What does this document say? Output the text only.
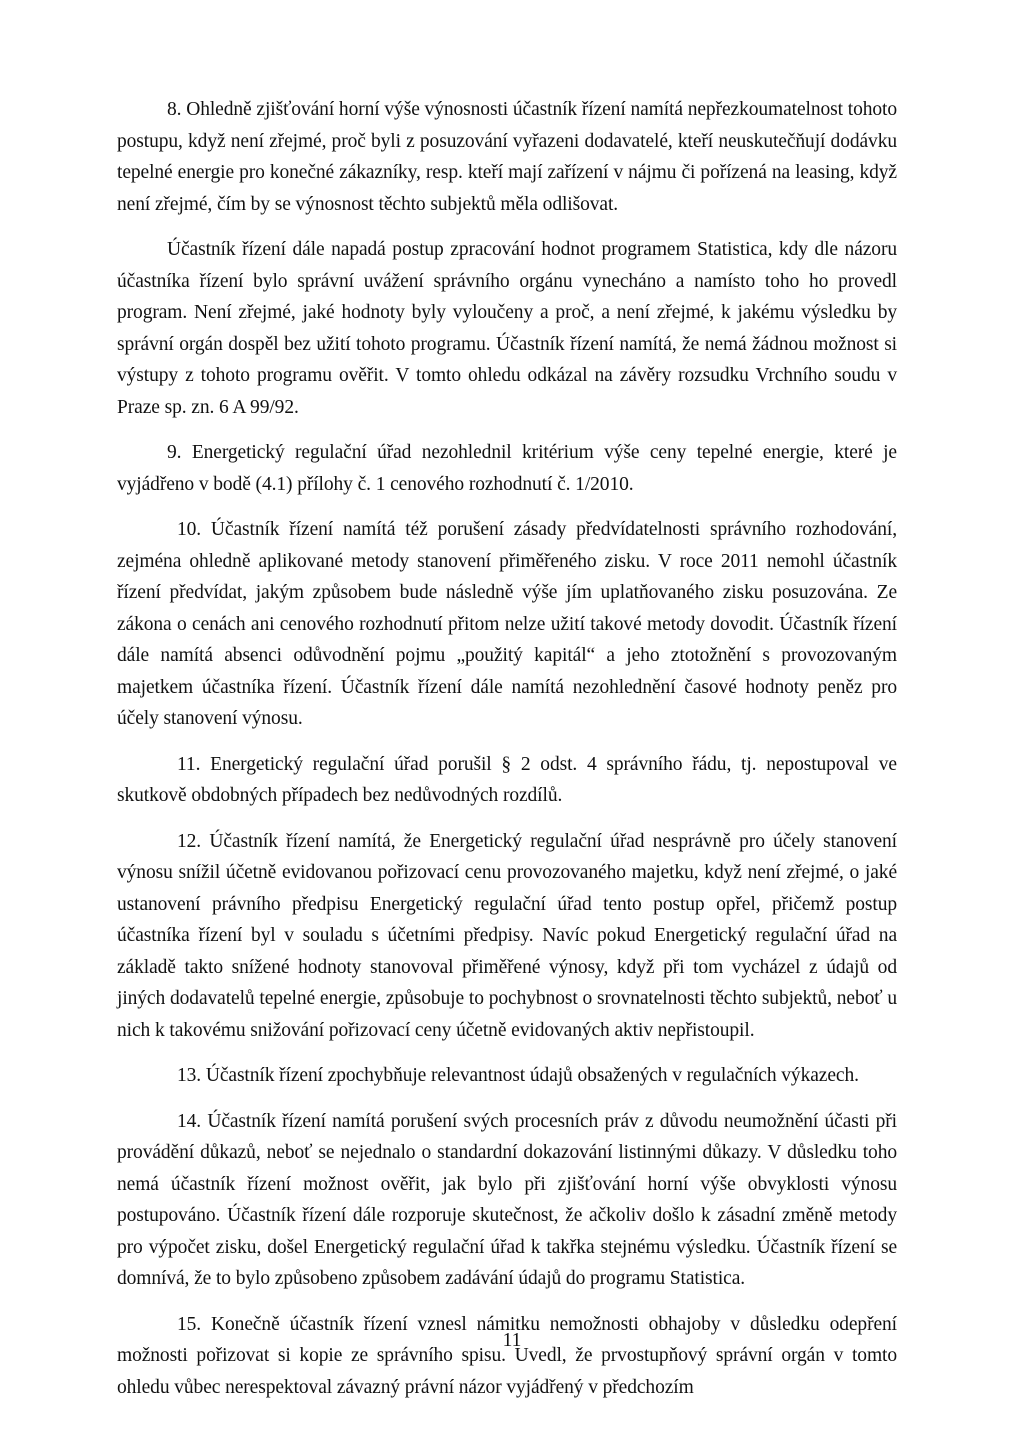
8. Ohledně zjišťování horní výše výnosnosti účastník řízení namítá nepřezkoumatelnost tohoto postupu, když není zřejmé, proč byli z posuzování vyřazeni dodavatelé, kteří neuskutečňují dodávku tepelné energie pro konečné zákazníky, resp. kteří mají zařízení v nájmu či pořízená na leasing, když není zřejmé, čím by se výnosnost těchto subjektů měla odlišovat.

Účastník řízení dále napadá postup zpracování hodnot programem Statistica, kdy dle názoru účastníka řízení bylo správní uvážení správního orgánu vynecháno a namísto toho ho provedl program. Není zřejmé, jaké hodnoty byly vyloučeny a proč, a není zřejmé, k jakému výsledku by správní orgán dospěl bez užití tohoto programu. Účastník řízení namítá, že nemá žádnou možnost si výstupy z tohoto programu ověřit. V tomto ohledu odkázal na závěry rozsudku Vrchního soudu v Praze sp. zn. 6 A 99/92.

9. Energetický regulační úřad nezohlednil kritérium výše ceny tepelné energie, které je vyjádřeno v bodě (4.1) přílohy č. 1 cenového rozhodnutí č. 1/2010.

10. Účastník řízení namítá též porušení zásady předvídatelnosti správního rozhodování, zejména ohledně aplikované metody stanovení přiměřeného zisku. V roce 2011 nemohl účastník řízení předvídat, jakým způsobem bude následně výše jím uplatňovaného zisku posuzována. Ze zákona o cenách ani cenového rozhodnutí přitom nelze užití takové metody dovodit. Účastník řízení dále namítá absenci odůvodnění pojmu „použitý kapitál“ a jeho ztotožnění s provozovaným majetkem účastníka řízení. Účastník řízení dále namítá nezohlednění časové hodnoty peněz pro účely stanovení výnosu.

11. Energetický regulační úřad porušil § 2 odst. 4 správního řádu, tj. nepostupoval ve skutkově obdobných případech bez nedůvodných rozdílů.

12. Účastník řízení namítá, že Energetický regulační úřad nesprávně pro účely stanovení výnosu snížil účetně evidovanou pořizovací cenu provozovaného majetku, když není zřejmé, o jaké ustanovení právního předpisu Energetický regulační úřad tento postup opřel, přičemž postup účastníka řízení byl v souladu s účetními předpisy. Navíc pokud Energetický regulační úřad na základě takto snížené hodnoty stanovoval přiměřené výnosy, když při tom vycházel z údajů od jiných dodavatelů tepelné energie, způsobuje to pochybnost o srovnatelnosti těchto subjektů, neboť u nich k takovému snižování pořizovací ceny účetně evidovaných aktiv nepřistoupil.

13. Účastník řízení zpochybňuje relevantnost údajů obsažených v regulačních výkazech.

14. Účastník řízení namítá porušení svých procesních práv z důvodu neumožnění účasti při provádění důkazů, neboť se nejednalo o standardní dokazování listinnými důkazy. V důsledku toho nemá účastník řízení možnost ověřit, jak bylo při zjišťování horní výše obvyklosti výnosu postupováno. Účastník řízení dále rozporuje skutečnost, že ačkoliv došlo k zásadní změně metody pro výpočet zisku, došel Energetický regulační úřad k takřka stejnému výsledku. Účastník řízení se domnívá, že to bylo způsobeno způsobem zadávání údajů do programu Statistica.

15. Konečně účastník řízení vznesl námitku nemožnosti obhajoby v důsledku odepření možnosti pořizovat si kopie ze správního spisu. Uvedl, že prvostupňový správní orgán v tomto ohledu vůbec nerespektoval závazný právní názor vyjádřený v předchozím

11
